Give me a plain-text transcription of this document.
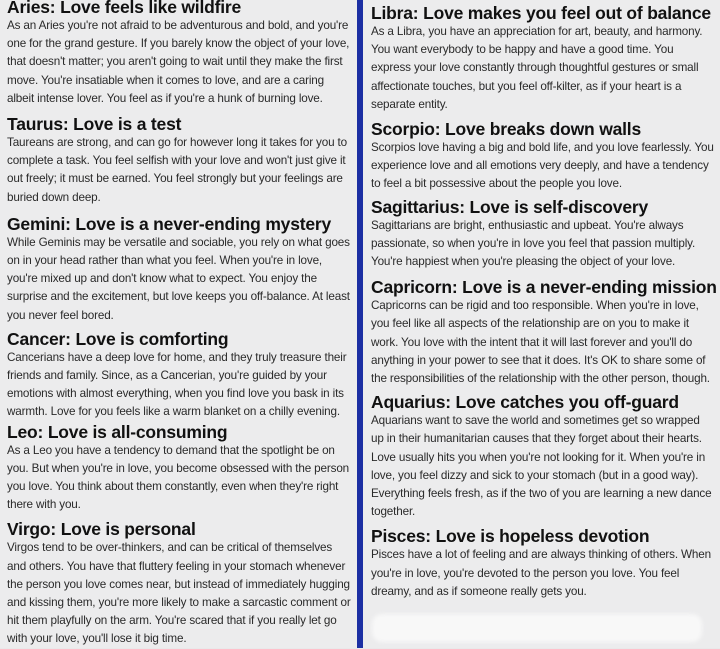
Aries: Love feels like wildfire

As an Aries you're not afraid to be adventurous and bold, and you're one for the grand gesture. If you barely know the object of your love, that doesn't matter; you aren't going to wait until they make the first move. You're insatiable when it comes to love, and are a caring albeit intense lover. You feel as if you're a hunk of burning love.

Taurus: Love is a test

Taureans are strong, and can go for however long it takes for you to complete a task. You feel selfish with your love and won't just give it out freely; it must be earned. You feel strongly but your feelings are buried down deep.

Gemini: Love is a never-ending mystery

While Geminis may be versatile and sociable, you rely on what goes on in your head rather than what you feel. When you're in love, you're mixed up and don't know what to expect. You enjoy the surprise and the excitement, but love keeps you off-balance. At least you never feel bored.

Cancer: Love is comforting

Cancerians have a deep love for home, and they truly treasure their friends and family. Since, as a Cancerian, you're guided by your emotions with almost everything, when you find love you bask in its warmth. Love for you feels like a warm blanket on a chilly evening.

Leo: Love is all-consuming

As a Leo you have a tendency to demand that the spotlight be on you. But when you're in love, you become obsessed with the person you love. You think about them constantly, even when they're right there with you.

Virgo: Love is personal

Virgos tend to be over-thinkers, and can be critical of themselves and others. You have that fluttery feeling in your stomach whenever the person you love comes near, but instead of immediately hugging and kissing them, you're more likely to make a sarcastic comment or hit them playfully on the arm. You're scared that if you really let go with your love, you'll lose it big time.

Libra: Love makes you feel out of balance

As a Libra, you have an appreciation for art, beauty, and harmony. You want everybody to be happy and have a good time. You express your love constantly through thoughtful gestures or small affectionate touches, but you feel off-kilter, as if your heart is a separate entity.

Scorpio: Love breaks down walls

Scorpios love having a big and bold life, and you love fearlessly. You experience love and all emotions very deeply, and have a tendency to feel a bit possessive about the people you love.

Sagittarius: Love is self-discovery

Sagittarians are bright, enthusiastic and upbeat. You're always passionate, so when you're in love you feel that passion multiply. You're happiest when you're pleasing the object of your love.

Capricorn: Love is a never-ending mission

Capricorns can be rigid and too responsible. When you're in love, you feel like all aspects of the relationship are on you to make it work. You love with the intent that it will last forever and you'll do anything in your power to see that it does. It's OK to share some of the responsibilities of the relationship with the other person, though.

Aquarius: Love catches you off-guard

Aquarians want to save the world and sometimes get so wrapped up in their humanitarian causes that they forget about their hearts. Love usually hits you when you're not looking for it. When you're in love, you feel dizzy and sick to your stomach (but in a good way). Everything feels fresh, as if the two of you are learning a new dance together.

Pisces: Love is hopeless devotion

Pisces have a lot of feeling and are always thinking of others. When you're in love, you're devoted to the person you love. You feel dreamy, and as if someone really gets you.
